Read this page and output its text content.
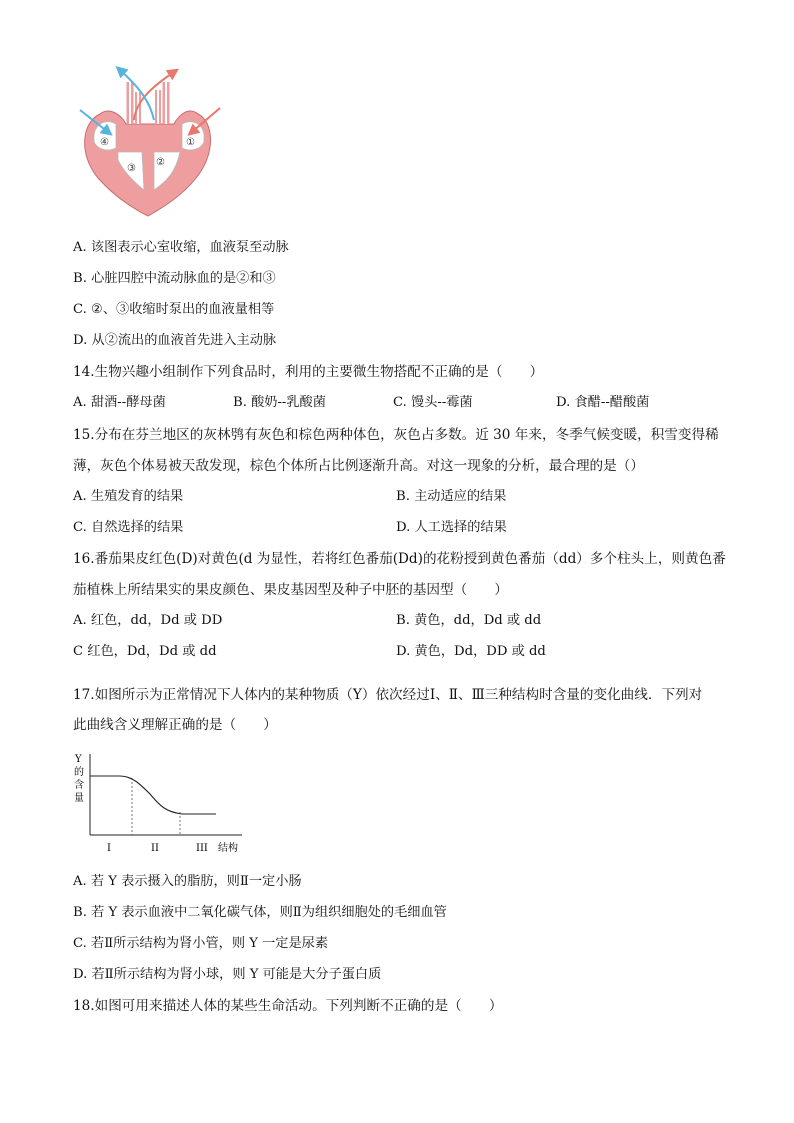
④	①
③
②
A. 该图表示心室收缩，血液泵至动脉
B. 心脏四腔中流动脉血的是②和③
C. ②、③收缩时泵出的血液量相等
D. 从②流出的血液首先进入主动脉
14.生物兴趣小组制作下列食品时，利用的主要微生物搭配不正确的是（　　）
A. 甜酒--酵母菌	B. 酸奶--乳酸菌	C. 馒头--霉菌	D. 食醋--醋酸菌
15.分布在芬兰地区的灰林鸮有灰色和棕色两种体色，灰色占多数。近 30 年来，冬季气候变暖，积雪变得稀
薄，灰色个体易被天敌发现，棕色个体所占比例逐渐升高。对这一现象的分析，最合理的是（）
A. 生殖发育的结果	B. 主动适应的结果
C. 自然选择的结果	D. 人工选择的结果
16.番茄果皮红色(D)对黄色(d 为显性，若将红色番茄(Dd)的花粉授到黄色番茄（dd）多个柱头上，则黄色番
茄植株上所结果实的果皮颜色、果皮基因型及种子中胚的基因型（　　）
A. 红色，dd，Dd 或 DD	B. 黄色，dd，Dd 或 dd
C 红色，Dd，Dd 或 dd	D. 黄色，Dd，DD 或 dd
17.如图所示为正常情况下人体内的某种物质（Y）依次经过Ⅰ、Ⅱ、Ⅲ三种结构时含量的变化曲线．下列对
此曲线含义理解正确的是（　　）
Y
的
含
量
I	II	III 结构
A. 若 Y 表示摄入的脂肪，则Ⅱ一定小肠
B. 若 Y 表示血液中二氧化碳气体，则Ⅱ为组织细胞处的毛细血管
C. 若Ⅱ所示结构为肾小管，则 Y 一定是尿素
D. 若Ⅱ所示结构为肾小球，则 Y 可能是大分子蛋白质
18.如图可用来描述人体的某些生命活动。下列判断不正确的是（　　）
